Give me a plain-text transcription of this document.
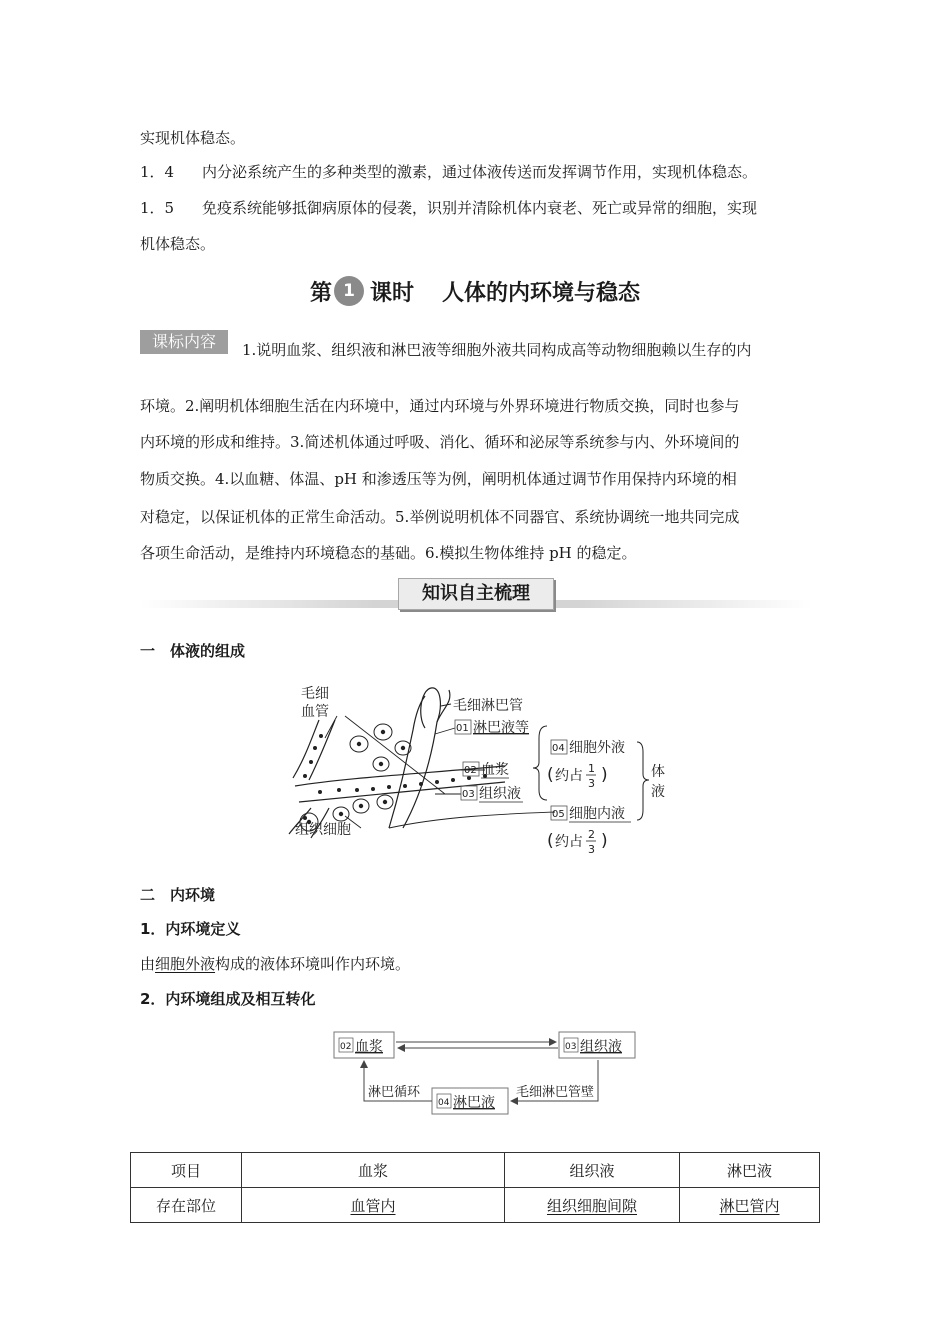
实现机体稳态。

1．4 内分泌系统产生的多种类型的激素，通过体液传送而发挥调节作用，实现机体稳态。

1．5 免疫系统能够抵御病原体的侵袭，识别并清除机体内衰老、死亡或异常的细胞，实现

机体稳态。

第 1 课时 人体的内环境与稳态
课标内容	1.说明血浆、组织液和淋巴液等细胞外液共同构成高等动物细胞赖以生存的内

环境。2.阐明机体细胞生活在内环境中，通过内环境与外界环境进行物质交换，同时也参与

内环境的形成和维持。3.简述机体通过呼吸、消化、循环和泌尿等系统参与内、外环境间的

物质交换。4.以血糖、体温、pH 和渗透压等为例，阐明机体通过调节作用保持内环境的相

对稳定，以保证机体的正常生命活动。5.举例说明机体不同器官、系统协调统一地共同完成

各项生命活动，是维持内环境稳态的基础。6.模拟生物体维持 pH 的稳定。

知识自主梳理
一　体液的组成
毛细
血管	毛细淋巴管
01 淋巴液等
02 血浆
03 组织液
04 细胞外液
( 约占 1
3 )
05 细胞内液
( 约占 2
3 )
体
液
组织细胞
二　内环境
1．内环境定义

由细胞外液构成的液体环境叫作内环境。

2．内环境组成及相互转化
02 血浆	03 组织液
04 淋巴液
淋巴循环	毛细淋巴管壁
项目	血浆	组织液	淋巴液
存在部位	血管内	组织细胞间隙	淋巴管内
